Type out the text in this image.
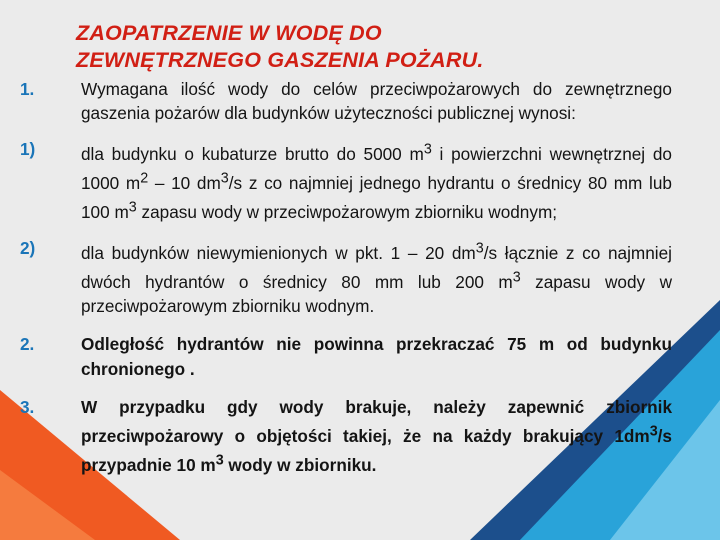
ZAOPATRZENIE W WODĘ DO
ZEWNĘTRZNEGO GASZENIA POŻARU.
1.	Wymagana ilość wody do celów przeciwpożarowych do zewnętrznego gaszenia pożarów dla budynków użyteczności publicznej wynosi:
1)	dla budynku o kubaturze brutto do 5000 $m^3$ i powierzchni wewnętrznej do 1000 $m^2 - 10$ $dm^3/s$ z co najmniej jednego hydrantu o średnicy 80 mm lub 100 $m^3$ zapasu wody w przeciwpożarowym zbiorniku wodnym;
2)	dla budynków niewymienionych w pkt. 1 – 20 $dm^3/s$ łącznie z co najmniej dwóch hydrantów o średnicy 80 mm lub 200 $m^3$ zapasu wody w przeciwpożarowym zbiorniku wodnym.
2.	Odległość hydrantów nie powinna przekraczać 75 m od budynku chronionego .
3.	W przypadku gdy wody brakuje, należy zapewnić zbiornik przeciwpożarowy o objętości takiej, że na każdy brakujący $1dm^3/s$ przypadnie 10 $m^3$ wody w zbiorniku.
